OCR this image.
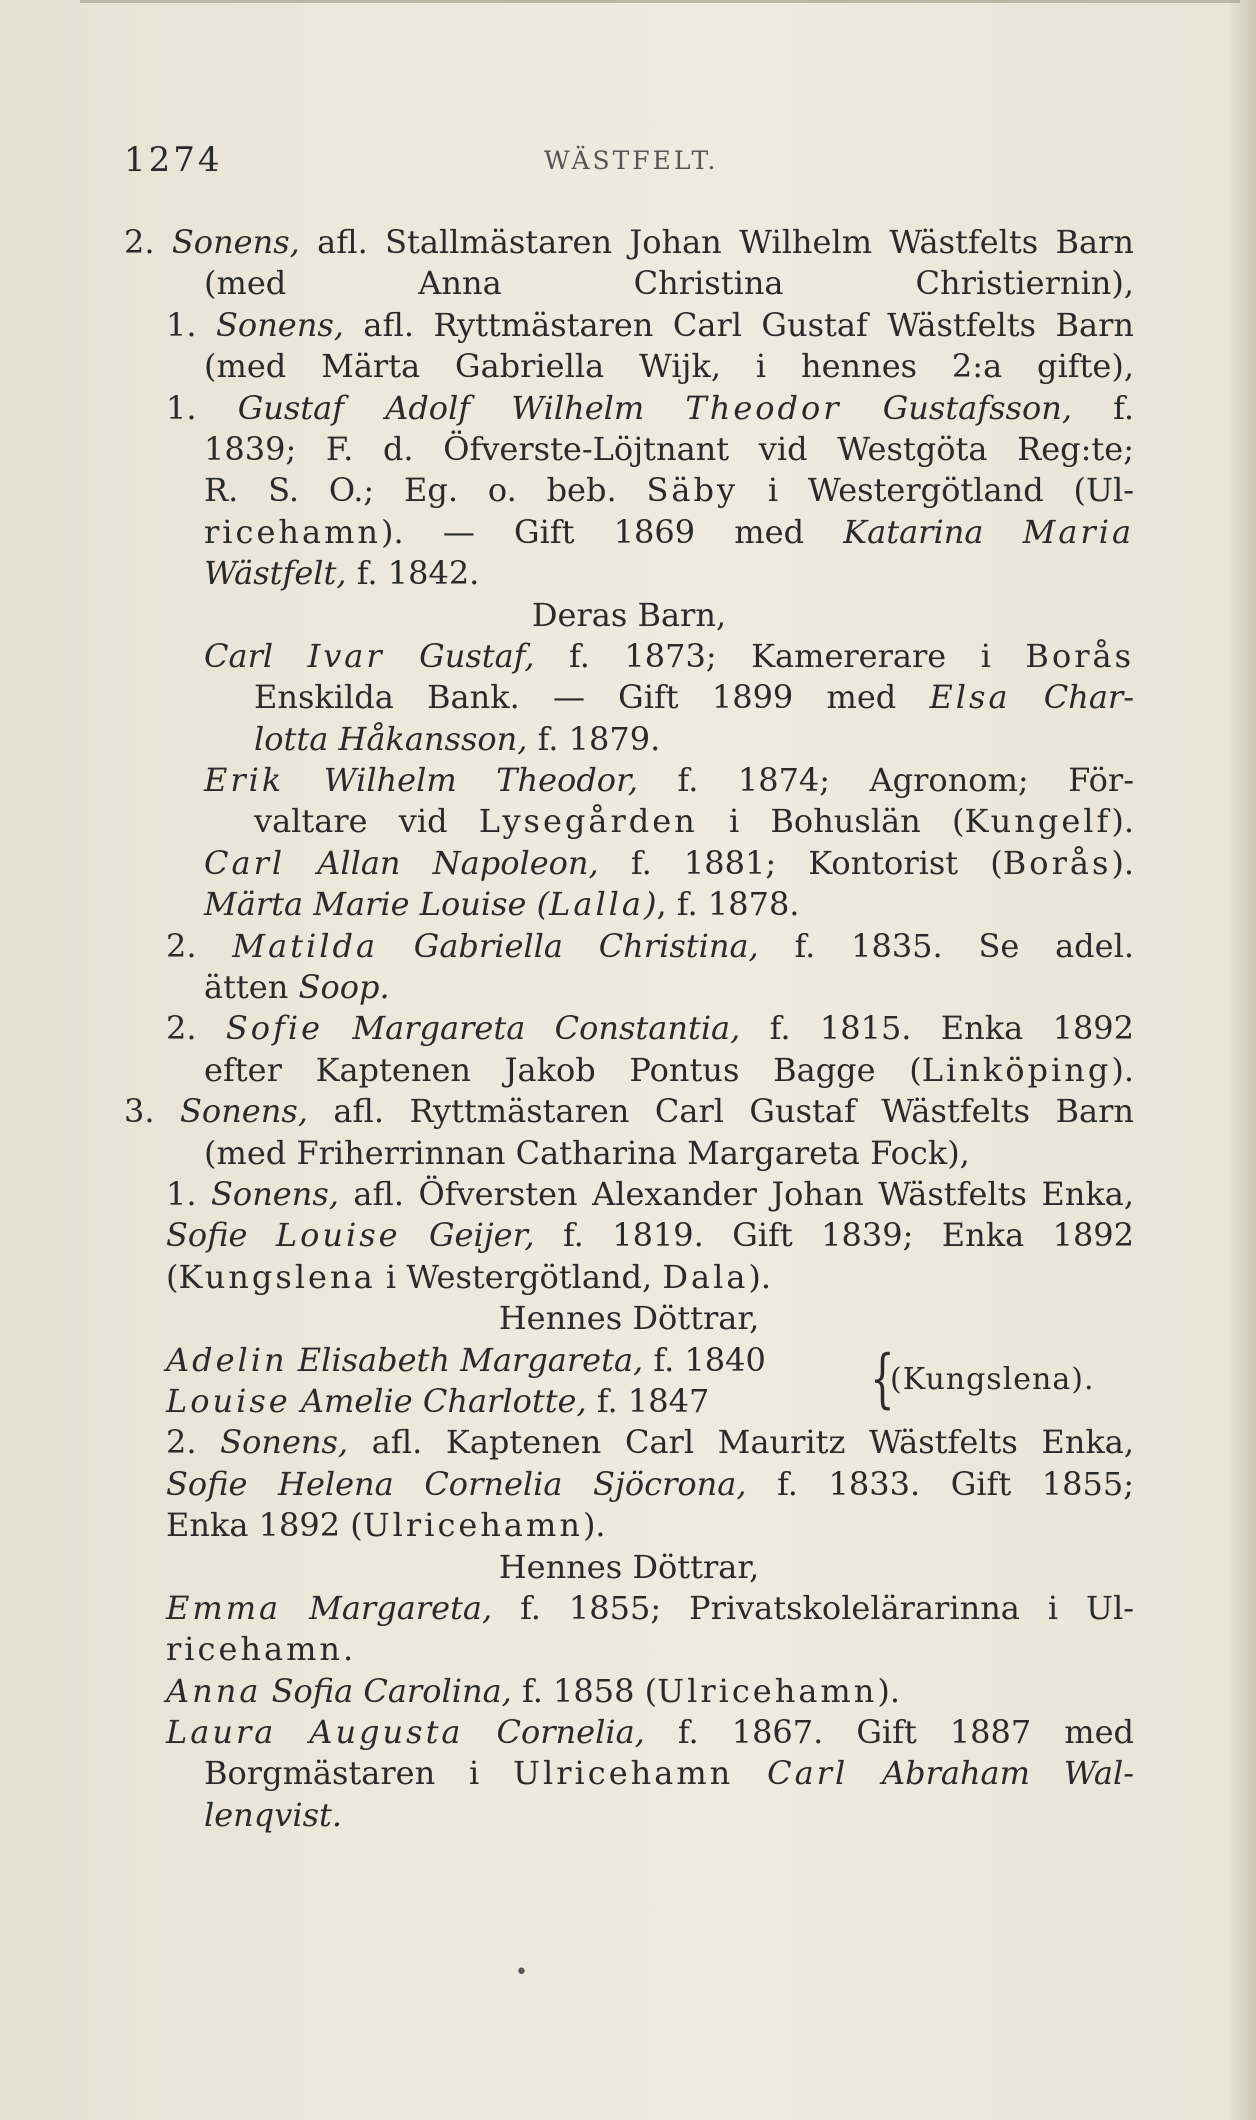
1274	WÄSTFELT.
2. Sonens, afl. Stallmästaren Johan Wilhelm Wästfelts Barn
(med Anna Christina Christiernin),
1. Sonens, afl. Ryttmästaren Carl Gustaf Wästfelts Barn
(med Märta Gabriella Wijk, i hennes 2:a gifte),
1. Gustaf Adolf Wilhelm Theodor Gustafsson, f.
1839; F. d. Öfverste-Löjtnant vid Westgöta Reg:te;
R. S. O.; Eg. o. beb. Säby i Westergötland (Ul-
ricehamn). — Gift 1869 med Katarina Maria
Wästfelt, f. 1842.
Deras Barn,
Carl Ivar Gustaf, f. 1873; Kamererare i Borås
Enskilda Bank. — Gift 1899 med Elsa Char-
lotta Håkansson, f. 1879.
Erik Wilhelm Theodor, f. 1874; Agronom; För-
valtare vid Lysegården i Bohuslän (Kungelf).
Carl Allan Napoleon, f. 1881; Kontorist (Borås).
Märta Marie Louise (Lalla), f. 1878.
2. Matilda Gabriella Christina, f. 1835. Se adel.
ätten Soop.
2. Sofie Margareta Constantia, f. 1815. Enka 1892
efter Kaptenen Jakob Pontus Bagge (Linköping).
3. Sonens, afl. Ryttmästaren Carl Gustaf Wästfelts Barn
(med Friherrinnan Catharina Margareta Fock),
1. Sonens, afl. Öfversten Alexander Johan Wästfelts Enka,
Sofie Louise Geijer, f. 1819. Gift 1839; Enka 1892
(Kungslena i Westergötland, Dala).
Hennes Döttrar,
Adelin Elisabeth Margareta, f. 1840
Louise Amelie Charlotte, f. 1847
2. Sonens, afl. Kaptenen Carl Mauritz Wästfelts Enka,
Sofie Helena Cornelia Sjöcrona, f. 1833. Gift 1855;
Enka 1892 (Ulricehamn).
Hennes Döttrar,
Emma Margareta, f. 1855; Privatskolelärarinna i Ul-
ricehamn.
Anna Sofia Carolina, f. 1858 (Ulricehamn).
Laura Augusta Cornelia, f. 1867. Gift 1887 med
Borgmästaren i Ulricehamn Carl Abraham Wal-
lenqvist.
{
(Kungslena).
•
